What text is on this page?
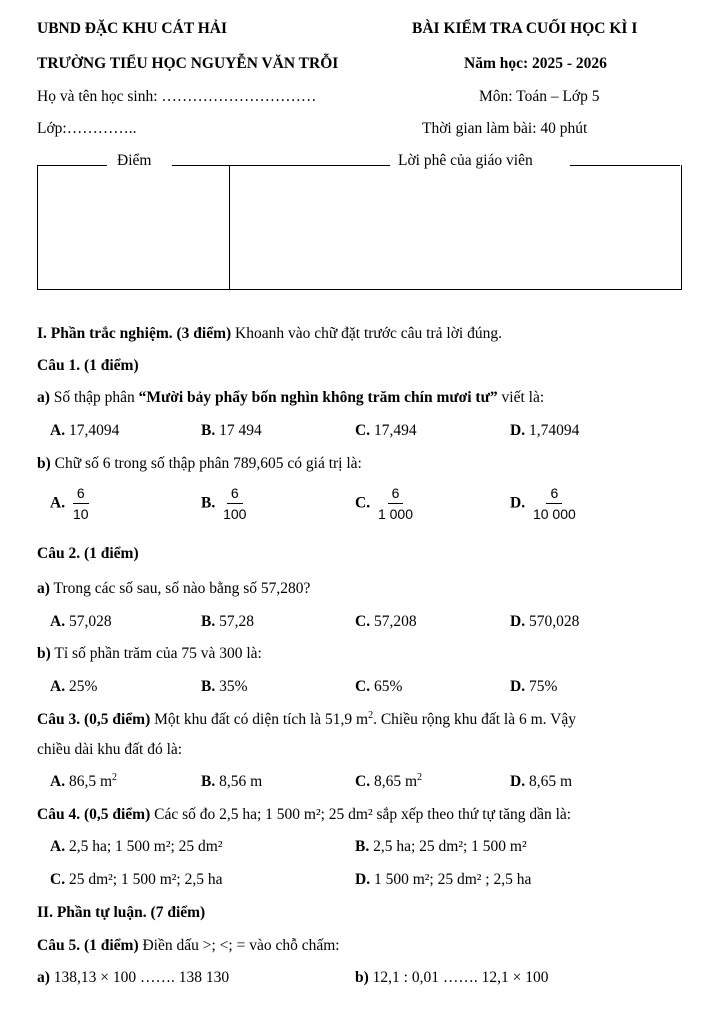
UBND ĐẶC KHU CÁT HẢI	BÀI KIỂM TRA CUỐI HỌC KÌ I
TRƯỜNG TIỂU HỌC NGUYỄN VĂN TRỖI	Năm học: 2025 - 2026
Họ và tên học sinh: …………………………	Môn: Toán – Lớp 5
Lớp:…………..	Thời gian làm bài: 40 phút
Điểm	Lời phê của giáo viên
I. Phần trắc nghiệm. (3 điểm) Khoanh vào chữ đặt trước câu trả lời đúng.
Câu 1. (1 điểm)
a) Số thập phân “Mười bảy phẩy bốn nghìn không trăm chín mươi tư” viết là:
A. 17,4094	B. 17 494	C. 17,494	D. 1,74094
b) Chữ số 6 trong số thập phân 789,605 có giá trị là:
A. $\frac{6}{10}$	B. $\frac{6}{100}$	C. $\frac{6}{1 000}$	D. $\frac{6}{10 000}$
Câu 2. (1 điểm)
a) Trong các số sau, số nào bằng số 57,280?
A. 57,028	B. 57,28	C. 57,208	D. 570,028
b) Tỉ số phần trăm của 75 và 300 là:
A. 25%	B. 35%	C. 65%	D. 75%
Câu 3. (0,5 điểm) Một khu đất có diện tích là 51,9 $m^2$. Chiều rộng khu đất là 6 m. Vậy
chiều dài khu đất đó là:
A. 86,5 $m^2$	B. 8,56 m	C. 8,65 $m^2$	D. 8,65 m
Câu 4. (0,5 điểm) Các số đo 2,5 ha; 1 500 m²; 25 dm² sắp xếp theo thứ tự tăng dần là:
A. 2,5 ha; 1 500 m²; 25 dm²	B. 2,5 ha; 25 dm²; 1 500 m²
C. 25 dm²; 1 500 m²; 2,5 ha	D. 1 500 m²; 25 dm² ; 2,5 ha
II. Phần tự luận. (7 điểm)
Câu 5. (1 điểm) Điền dấu >; <; = vào chỗ chấm:
a) 138,13 × 100 ……. 138 130	b) 12,1 : 0,01 ……. 12,1 × 100
